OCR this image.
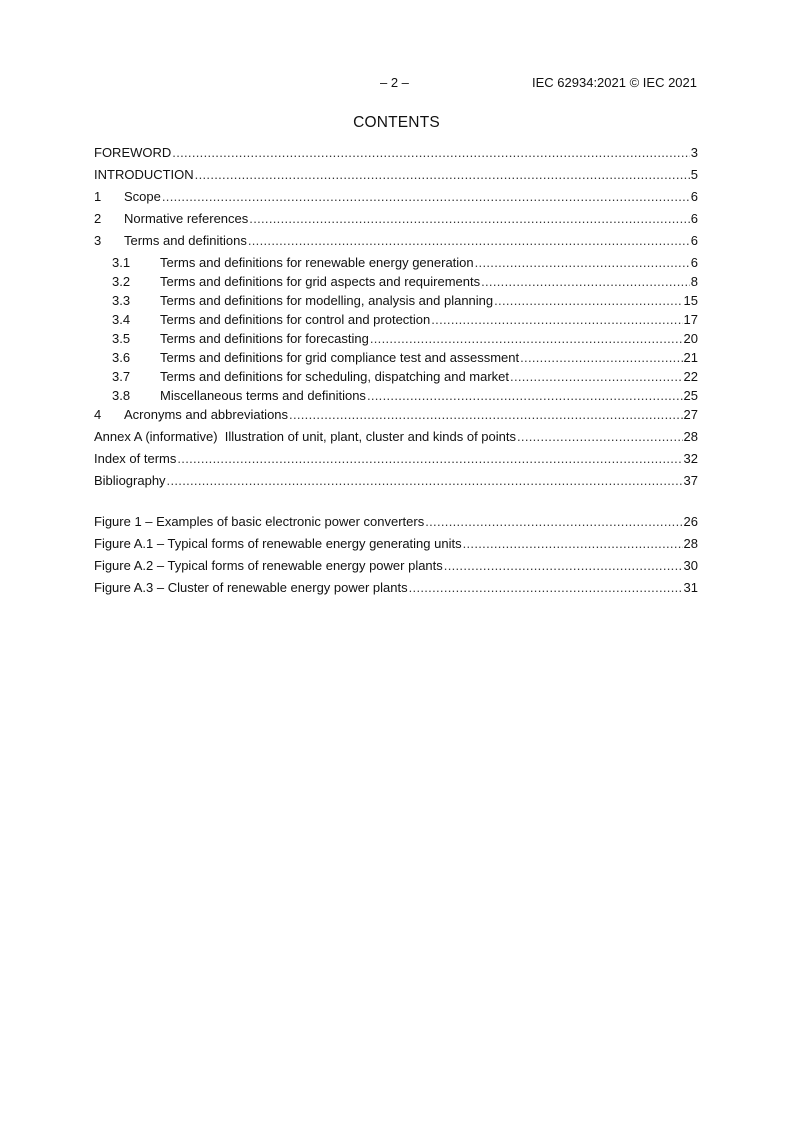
– 2 –	IEC 62934:2021 © IEC 2021
CONTENTS
FOREWORD .....	3
INTRODUCTION .....	5
1	Scope .....	6
2	Normative references .....	6
3	Terms and definitions .....	6
3.1	Terms and definitions for renewable energy generation .....	6
3.2	Terms and definitions for grid aspects and requirements .....	8
3.3	Terms and definitions for modelling, analysis and planning .....	15
3.4	Terms and definitions for control and protection .....	17
3.5	Terms and definitions for forecasting .....	20
3.6	Terms and definitions for grid compliance test and assessment .....	21
3.7	Terms and definitions for scheduling, dispatching and market .....	22
3.8	Miscellaneous terms and definitions .....	25
4	Acronyms and abbreviations .....	27
Annex A (informative)  Illustration of unit, plant, cluster and kinds of points .....	28
Index of terms .....	32
Bibliography .....	37
Figure 1 – Examples of basic electronic power converters .....	26
Figure A.1 – Typical forms of renewable energy generating units .....	28
Figure A.2 – Typical forms of renewable energy power plants .....	30
Figure A.3 – Cluster of renewable energy power plants .....	31
